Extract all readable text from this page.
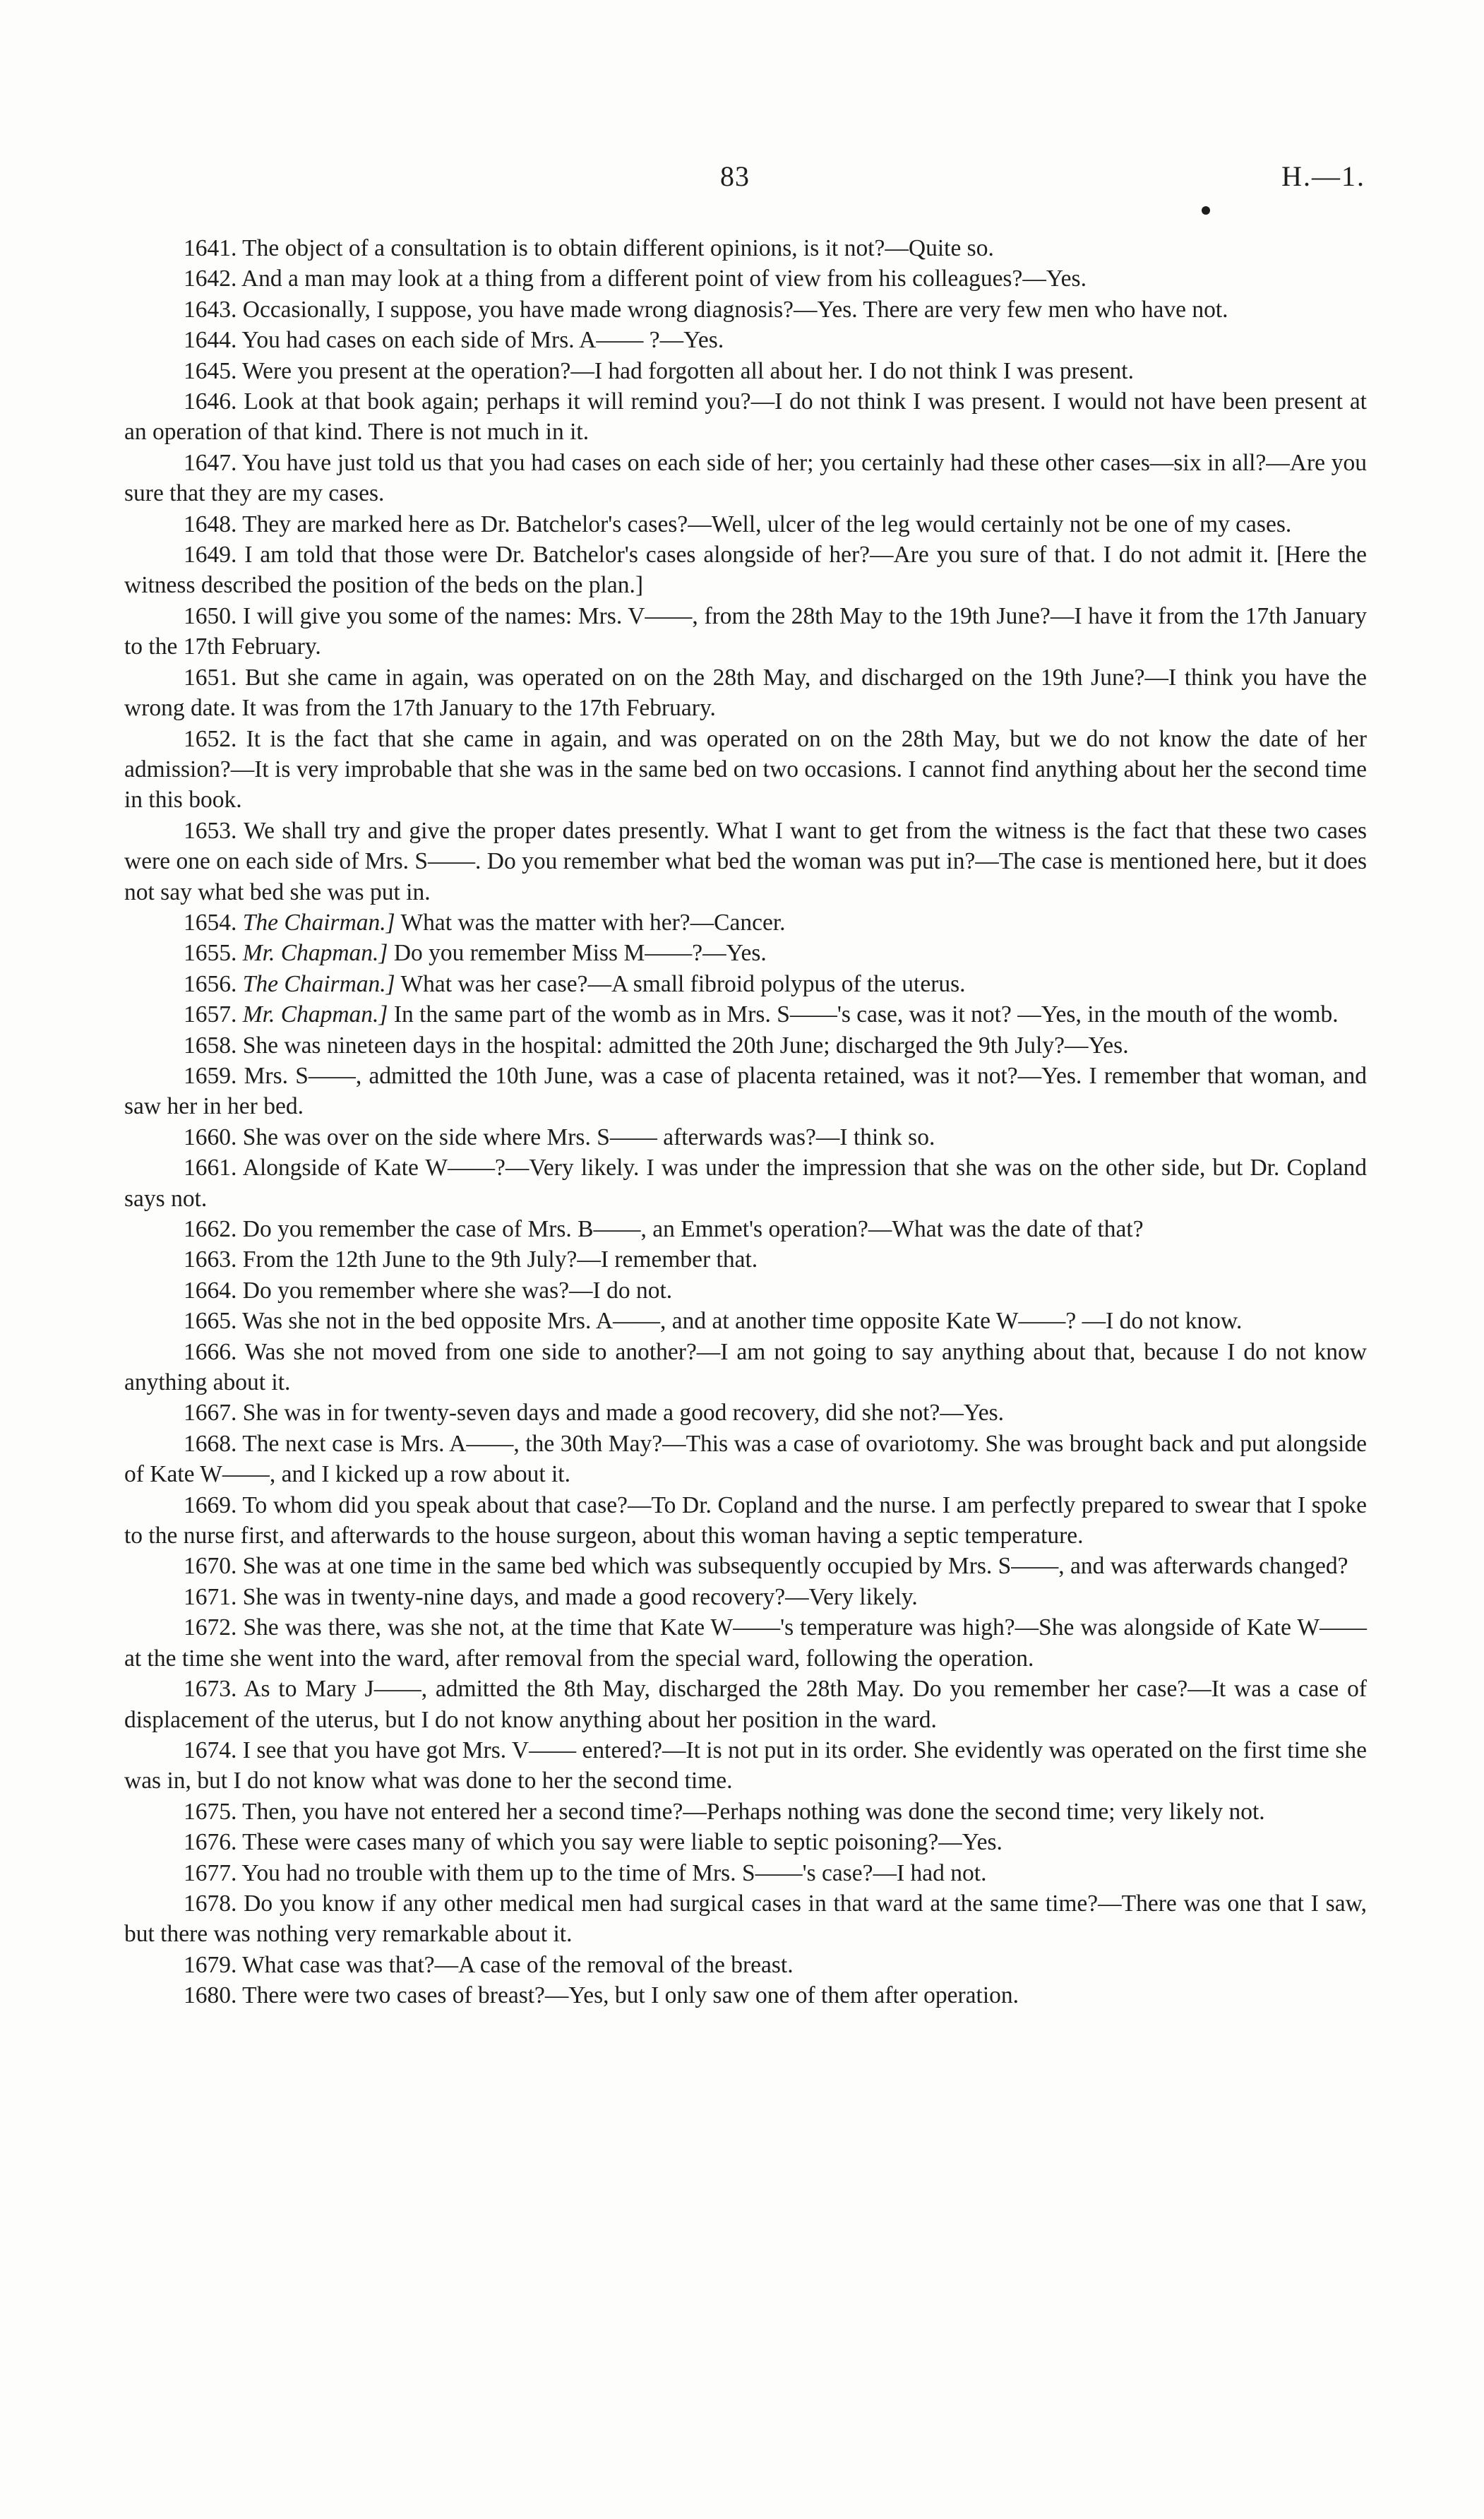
83	H.—1.

1641. The object of a consultation is to obtain different opinions, is it not?—Quite so.

1642. And a man may look at a thing from a different point of view from his colleagues?—Yes.

1643. Occasionally, I suppose, you have made wrong diagnosis?—Yes. There are very few men who have not.

1644. You had cases on each side of Mrs. A—— ?—Yes.

1645. Were you present at the operation?—I had forgotten all about her. I do not think I was present.

1646. Look at that book again; perhaps it will remind you?—I do not think I was present. I would not have been present at an operation of that kind. There is not much in it.

1647. You have just told us that you had cases on each side of her; you certainly had these other cases—six in all?—Are you sure that they are my cases.

1648. They are marked here as Dr. Batchelor's cases?—Well, ulcer of the leg would certainly not be one of my cases.

1649. I am told that those were Dr. Batchelor's cases alongside of her?—Are you sure of that. I do not admit it. [Here the witness described the position of the beds on the plan.]

1650. I will give you some of the names: Mrs. V——, from the 28th May to the 19th June?—I have it from the 17th January to the 17th February.

1651. But she came in again, was operated on on the 28th May, and discharged on the 19th June?—I think you have the wrong date. It was from the 17th January to the 17th February.

1652. It is the fact that she came in again, and was operated on on the 28th May, but we do not know the date of her admission?—It is very improbable that she was in the same bed on two occasions. I cannot find anything about her the second time in this book.

1653. We shall try and give the proper dates presently. What I want to get from the witness is the fact that these two cases were one on each side of Mrs. S——. Do you remember what bed the woman was put in?—The case is mentioned here, but it does not say what bed she was put in.

1654. The Chairman.] What was the matter with her?—Cancer.

1655. Mr. Chapman.] Do you remember Miss M——?—Yes.

1656. The Chairman.] What was her case?—A small fibroid polypus of the uterus.

1657. Mr. Chapman.] In the same part of the womb as in Mrs. S——'s case, was it not? —Yes, in the mouth of the womb.

1658. She was nineteen days in the hospital: admitted the 20th June; discharged the 9th July?—Yes.

1659. Mrs. S——, admitted the 10th June, was a case of placenta retained, was it not?—Yes. I remember that woman, and saw her in her bed.

1660. She was over on the side where Mrs. S—— afterwards was?—I think so.

1661. Alongside of Kate W——?—Very likely. I was under the impression that she was on the other side, but Dr. Copland says not.

1662. Do you remember the case of Mrs. B——, an Emmet's operation?—What was the date of that?

1663. From the 12th June to the 9th July?—I remember that.

1664. Do you remember where she was?—I do not.

1665. Was she not in the bed opposite Mrs. A——, and at another time opposite Kate W——? —I do not know.

1666. Was she not moved from one side to another?—I am not going to say anything about that, because I do not know anything about it.

1667. She was in for twenty-seven days and made a good recovery, did she not?—Yes.

1668. The next case is Mrs. A——, the 30th May?—This was a case of ovariotomy. She was brought back and put alongside of Kate W——, and I kicked up a row about it.

1669. To whom did you speak about that case?—To Dr. Copland and the nurse. I am perfectly prepared to swear that I spoke to the nurse first, and afterwards to the house surgeon, about this woman having a septic temperature.

1670. She was at one time in the same bed which was subsequently occupied by Mrs. S——, and was afterwards changed?

1671. She was in twenty-nine days, and made a good recovery?—Very likely.

1672. She was there, was she not, at the time that Kate W——'s temperature was high?—She was alongside of Kate W—— at the time she went into the ward, after removal from the special ward, following the operation.

1673. As to Mary J——, admitted the 8th May, discharged the 28th May. Do you remember her case?—It was a case of displacement of the uterus, but I do not know anything about her position in the ward.

1674. I see that you have got Mrs. V—— entered?—It is not put in its order. She evidently was operated on the first time she was in, but I do not know what was done to her the second time.

1675. Then, you have not entered her a second time?—Perhaps nothing was done the second time; very likely not.

1676. These were cases many of which you say were liable to septic poisoning?—Yes.

1677. You had no trouble with them up to the time of Mrs. S——'s case?—I had not.

1678. Do you know if any other medical men had surgical cases in that ward at the same time?—There was one that I saw, but there was nothing very remarkable about it.

1679. What case was that?—A case of the removal of the breast.

1680. There were two cases of breast?—Yes, but I only saw one of them after operation.
